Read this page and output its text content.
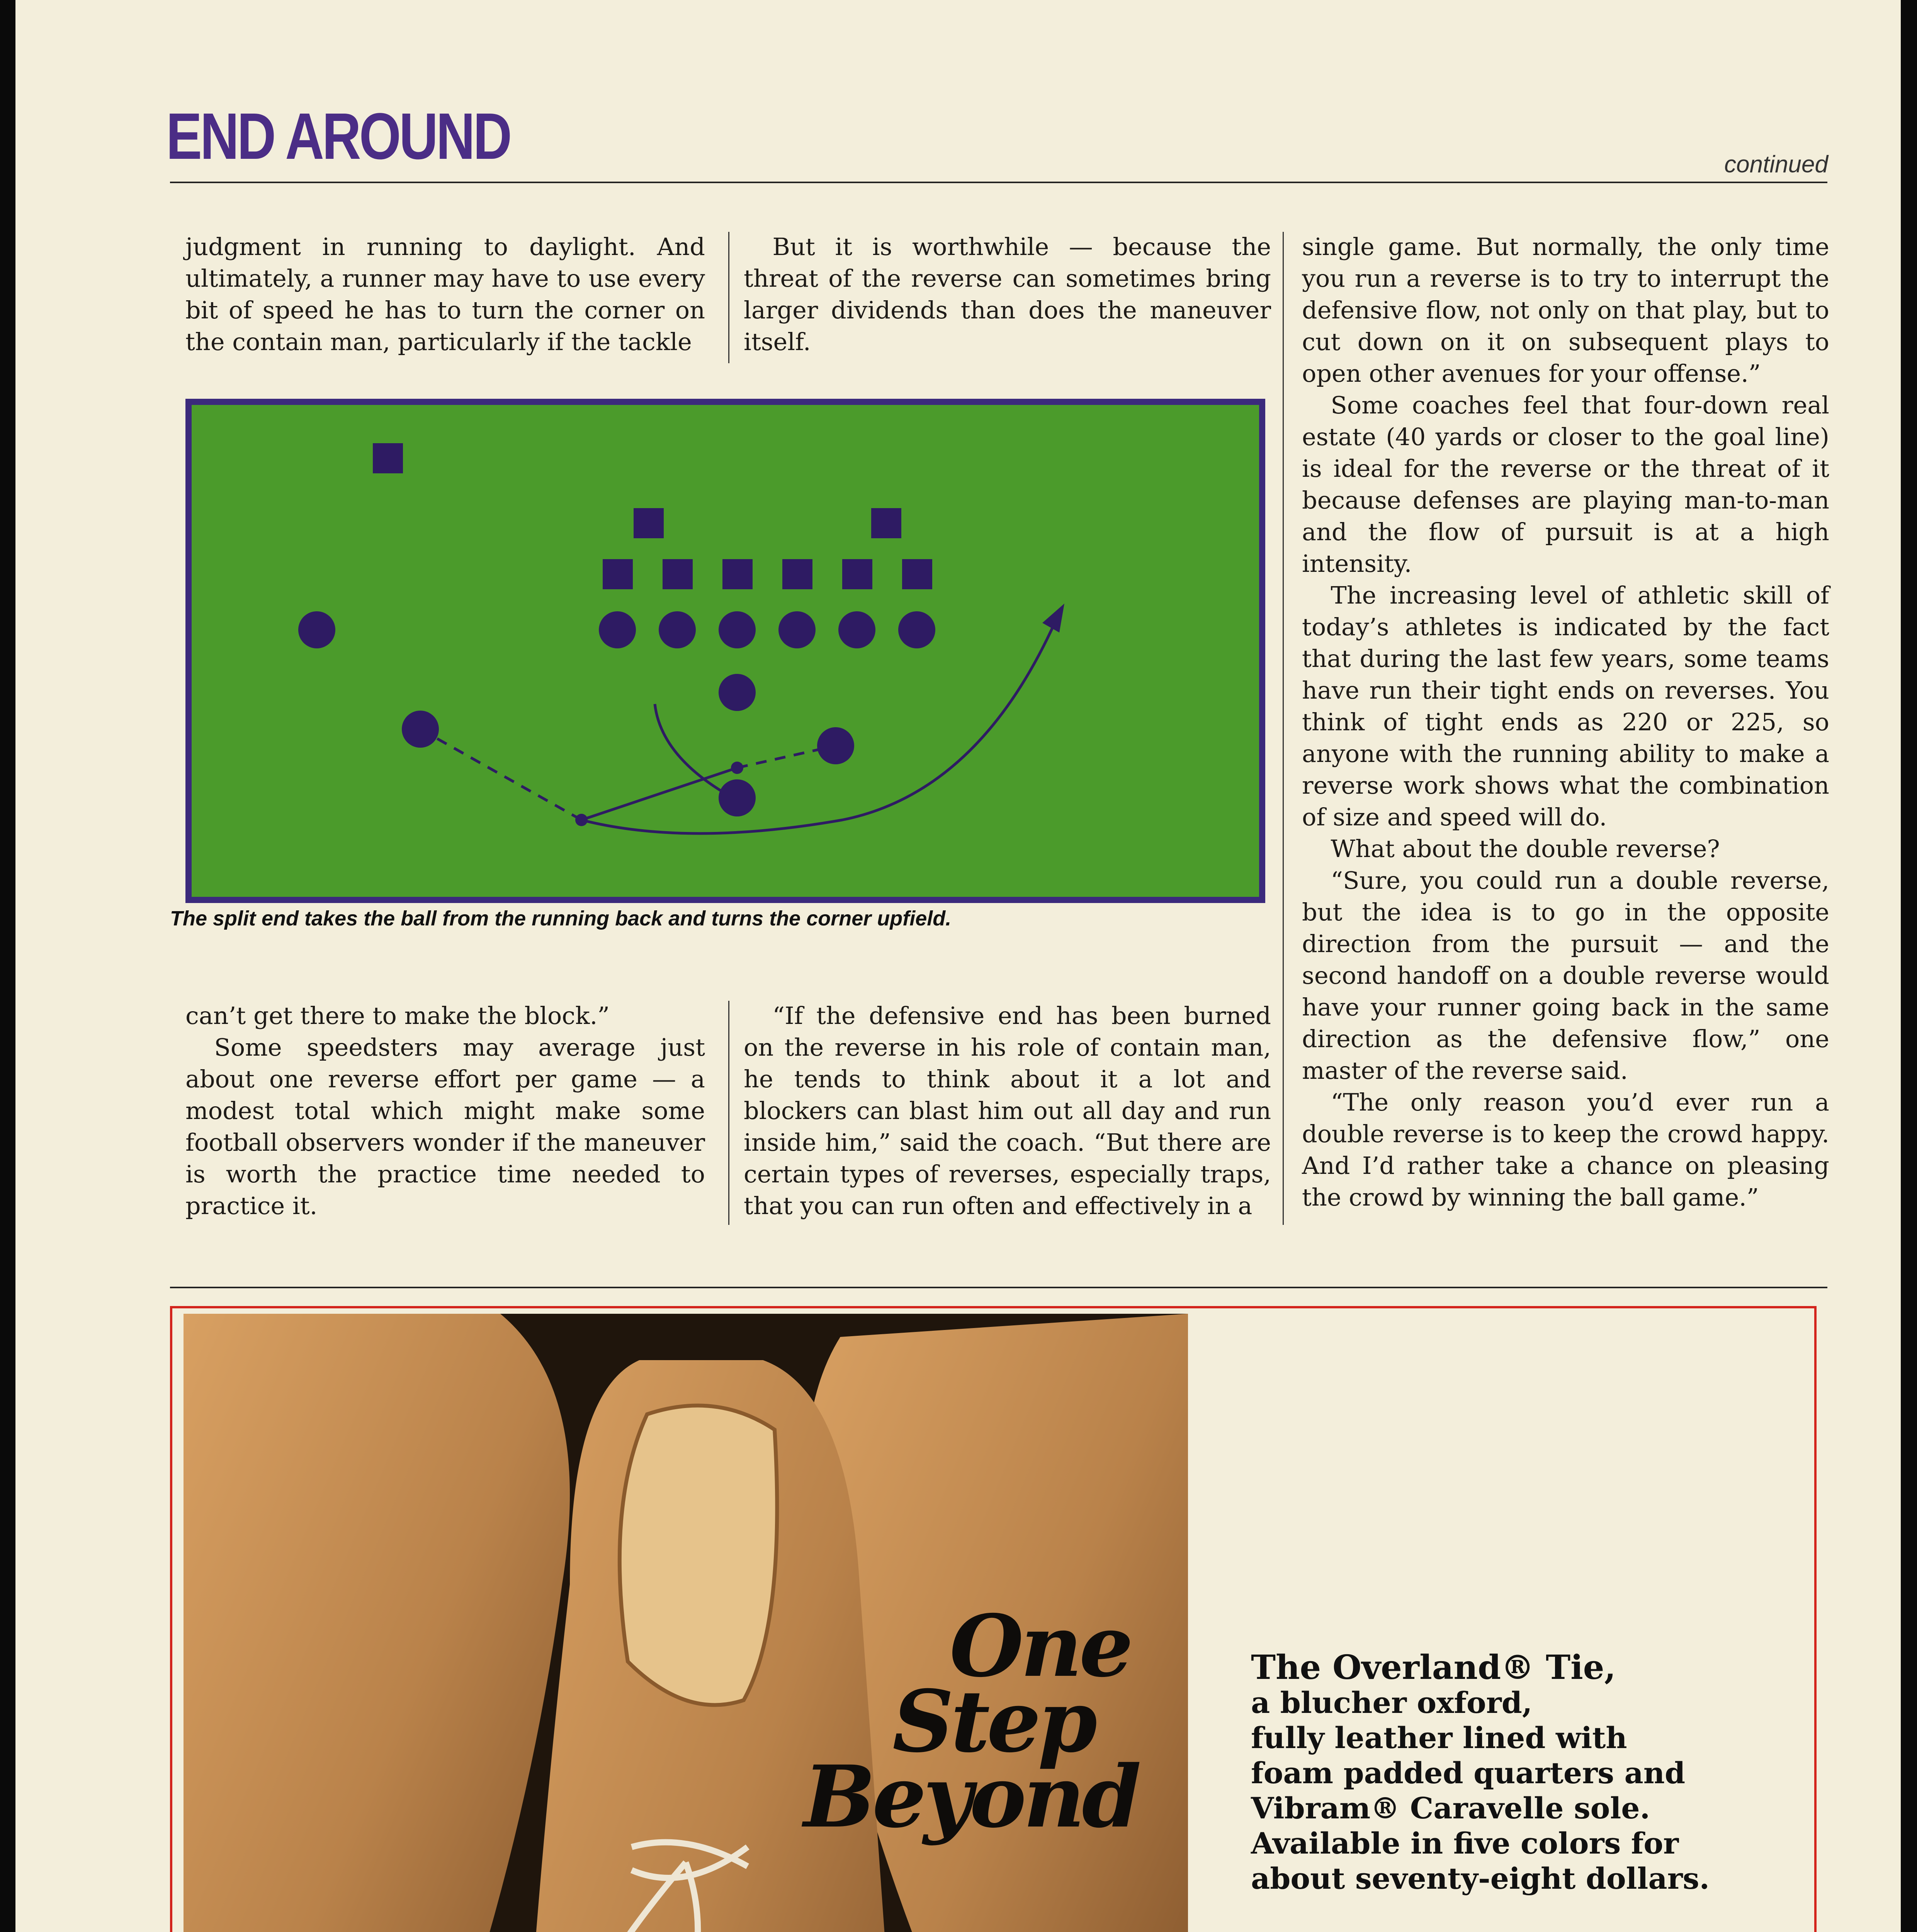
END AROUND	continued

judgment in running to daylight. And ultimately, a runner may have to use every bit of speed he has to turn the corner on the contain man, particularly if the tackle

But it is worthwhile — because the threat of the reverse can sometimes bring larger dividends than does the maneuver itself.

single game. But normally, the only time you run a reverse is to try to interrupt the defensive flow, not only on that play, but to cut down on it on subsequent plays to open other avenues for your offense.”

Some coaches feel that four-down real estate (40 yards or closer to the goal line) is ideal for the reverse or the threat of it because defenses are playing man-to-man and the flow of pursuit is at a high intensity.

The increasing level of athletic skill of today’s athletes is indicated by the fact that during the last few years, some teams have run their tight ends on reverses. You think of tight ends as 220 or 225, so anyone with the running ability to make a reverse work shows what the combination of size and speed will do.

What about the double reverse?

“Sure, you could run a double reverse, but the idea is to go in the opposite direction from the pursuit — and the second handoff on a double reverse would have your runner going back in the same direction as the defensive flow,” one master of the reverse said.

“The only reason you’d ever run a double reverse is to keep the crowd happy. And I’d rather take a chance on pleasing the crowd by winning the ball game.”

The split end takes the ball from the running back and turns the corner upfield.

can’t get there to make the block.”

Some speedsters may average just about one reverse effort per game — a modest total which might make some football observers wonder if the maneuver is worth the practice time needed to practice it.

“If the defensive end has been burned on the reverse in his role of contain man, he tends to think about it a lot and blockers can blast him out all day and run inside him,” said the coach. “But there are certain types of reverses, especially traps, that you can run often and effectively in a

One
Step
Beyond
The Overland® Tie,
a blucher oxford,
fully leather lined with
foam padded quarters and
Vibram® Caravelle sole.
Available in five colors for
about seventy-eight dollars.
